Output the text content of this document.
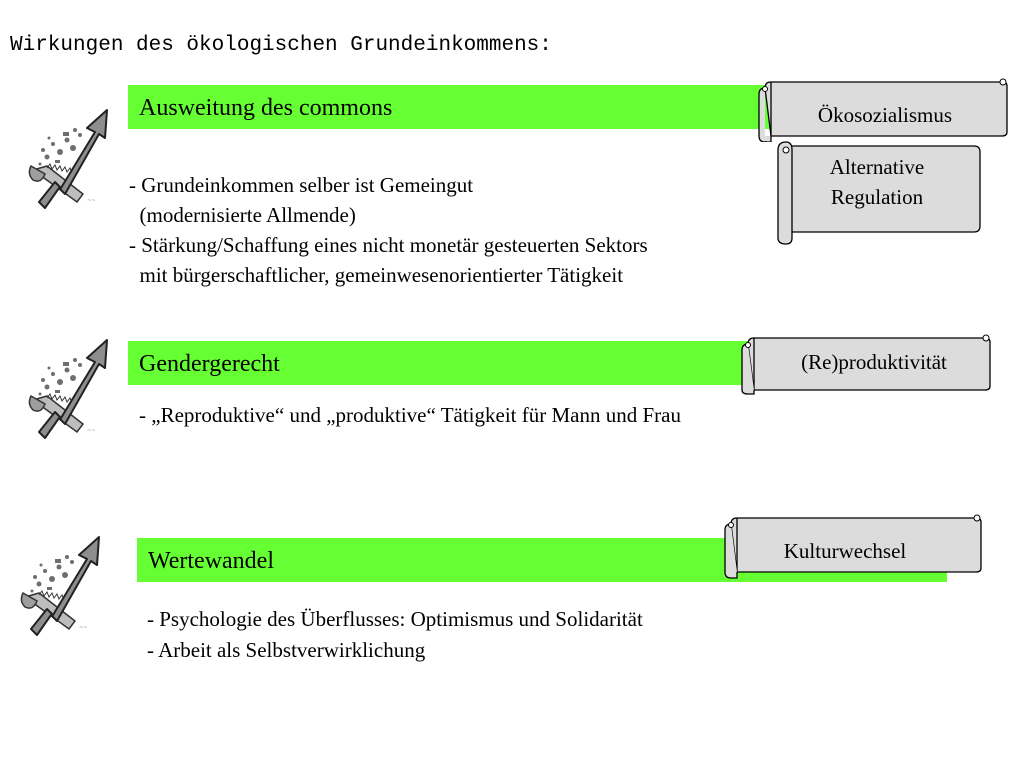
Wirkungen des ökologischen Grundeinkommens:
Ausweitung des commons
- Grundeinkommen selber ist Gemeingut
(modernisierte Allmende)
- Stärkung/Schaffung eines nicht monetär gesteuerten Sektors
mit bürgerschaftlicher, gemeinwesenorientierter Tätigkeit
Ökosozialismus
Alternative Regulation
Gendergerecht
- „Reproduktive“ und „produktive“ Tätigkeit für Mann und Frau
(Re)produktivität
Wertewandel
- Psychologie des Überflusses: Optimismus und Solidarität
- Arbeit als Selbstverwirklichung
Kulturwechsel
